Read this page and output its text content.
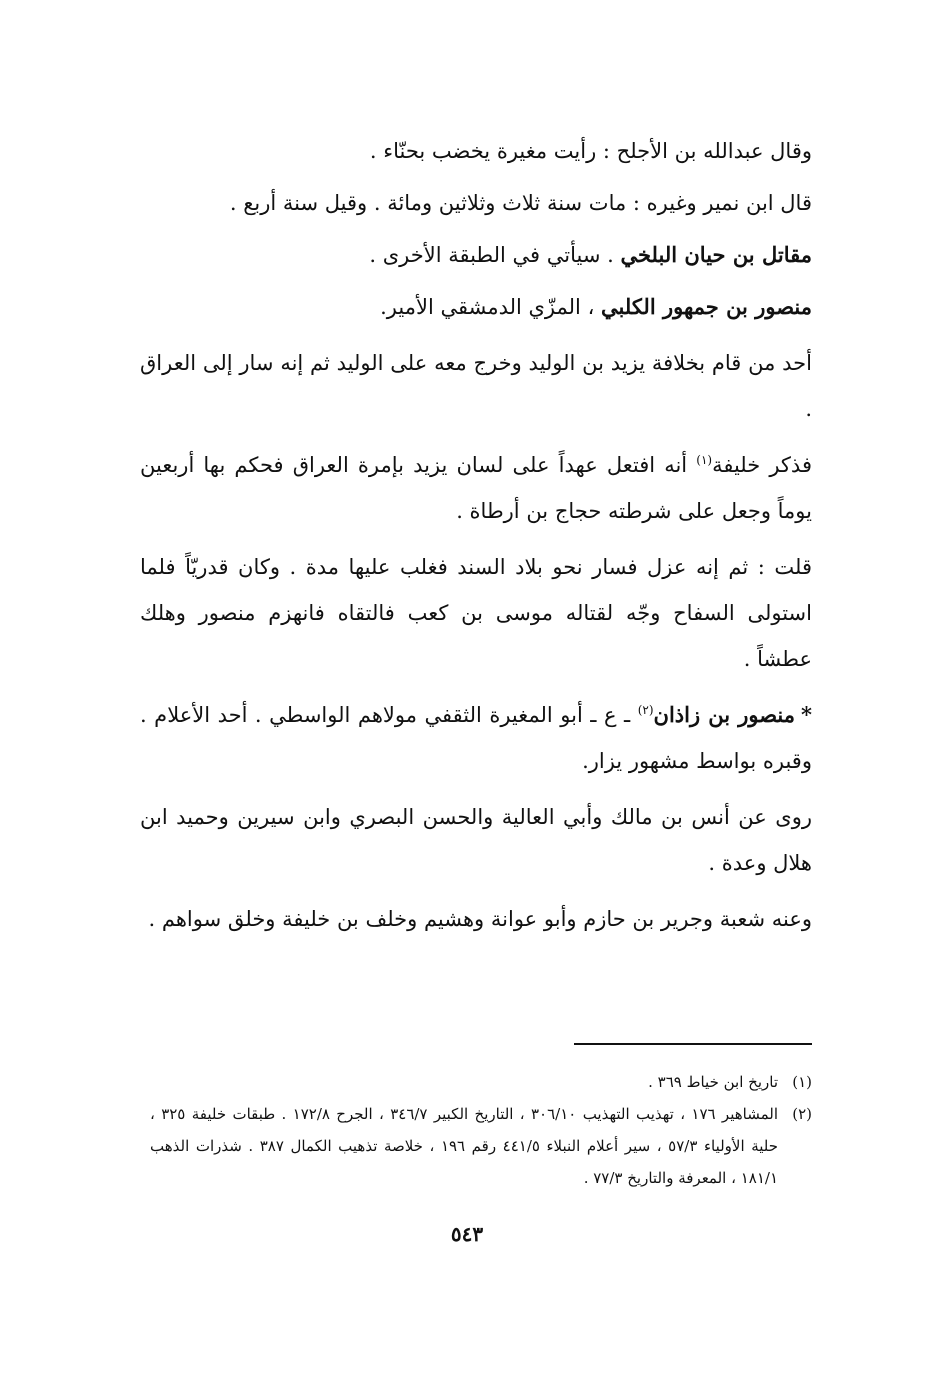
وقال عبدالله بن الأجلح : رأيت مغيرة يخضب بحنّاء .

قال ابن نمير وغيره : مات سنة ثلاث وثلاثين ومائة . وقيل سنة أربع .

مقاتل بن حيان البلخي . سيأتي في الطبقة الأخرى .

منصور بن جمهور الكلبي ، المزّي الدمشقي الأمير.

أحد من قام بخلافة يزيد بن الوليد وخرج معه على الوليد ثم إنه سار إلى العراق .

فذكر خليفة$^{(١)}$ أنه افتعل عهداً على لسان يزيد بإمرة العراق فحكم بها أربعين يوماً وجعل على شرطته حجاج بن أرطاة .

قلت : ثم إنه عزل فسار نحو بلاد السند فغلب عليها مدة . وكان قدريّاً فلما استولى السفاح وجّه لقتاله موسى بن كعب فالتقاه فانهزم منصور وهلك عطشاً .

*منصور بن زاذان$^{(٢)}$ ـ ع ـ أبو المغيرة الثقفي مولاهم الواسطي . أحد الأعلام . وقبره بواسط مشهور يزار.

روى عن أنس بن مالك وأبي العالية والحسن البصري وابن سيرين وحميد ابن هلال وعدة .

وعنه شعبة وجرير بن حازم وأبو عوانة وهشيم وخلف بن خليفة وخلق سواهم .

(١)
تاريخ ابن خياط ٣٦٩ .
(٢)
المشاهير ١٧٦ ، تهذيب التهذيب ٣٠٦/١٠ ، التاريخ الكبير ٣٤٦/٧ ، الجرح ١٧٢/٨ . طبقات خليفة ٣٢٥ ، حلية الأولياء ٥٧/٣ ، سير أعلام النبلاء ٤٤١/٥ رقم ١٩٦ ، خلاصة تذهيب الكمال ٣٨٧ . شذرات الذهب ١٨١/١ ، المعرفة والتاريخ ٧٧/٣ .
٥٤٣
